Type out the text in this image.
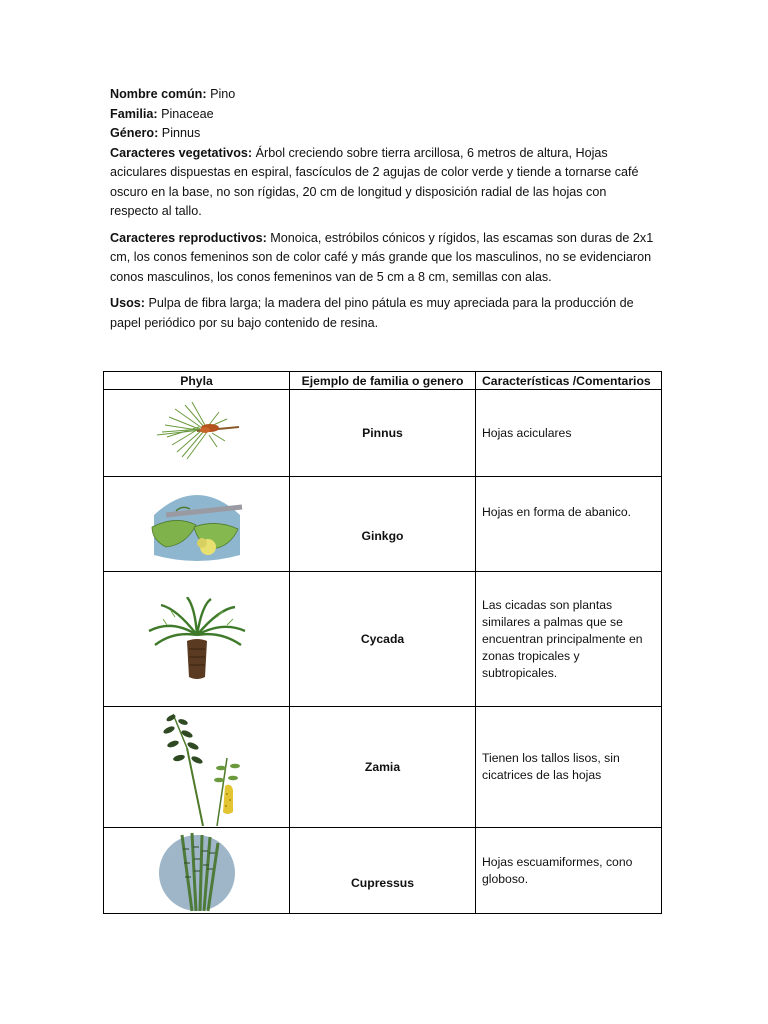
Nombre común: Pino

Familia: Pinaceae

Género: Pinnus

Caracteres vegetativos: Árbol creciendo sobre tierra arcillosa, 6 metros de altura, Hojas aciculares dispuestas en espiral, fascículos de 2 agujas de color verde y tiende a tornarse café oscuro en la base, no son rígidas, 20 cm de longitud y disposición radial de las hojas con respecto al tallo.

Caracteres reproductivos: Monoica, estróbilos cónicos y rígidos, las escamas son duras de 2x1 cm, los conos femeninos son de color café y más grande que los masculinos, no se evidenciaron conos masculinos, los conos femeninos van de 5 cm a 8 cm, semillas con alas.

Usos: Pulpa de fibra larga; la madera del pino pátula es muy apreciada para la producción de papel periódico por su bajo contenido de resina.

Phyla	Ejemplo de familia o genero	Características /Comentarios

	Pinnus	Hojas aciculares

	Ginkgo	Hojas en forma de abanico.

	Cycada	Las cicadas son plantas similares a palmas que se encuentran principalmente en zonas tropicales y subtropicales.

	Zamia	Tienen los tallos lisos, sin cicatrices de las hojas

	Cupressus	Hojas escuamiformes, cono globoso.
